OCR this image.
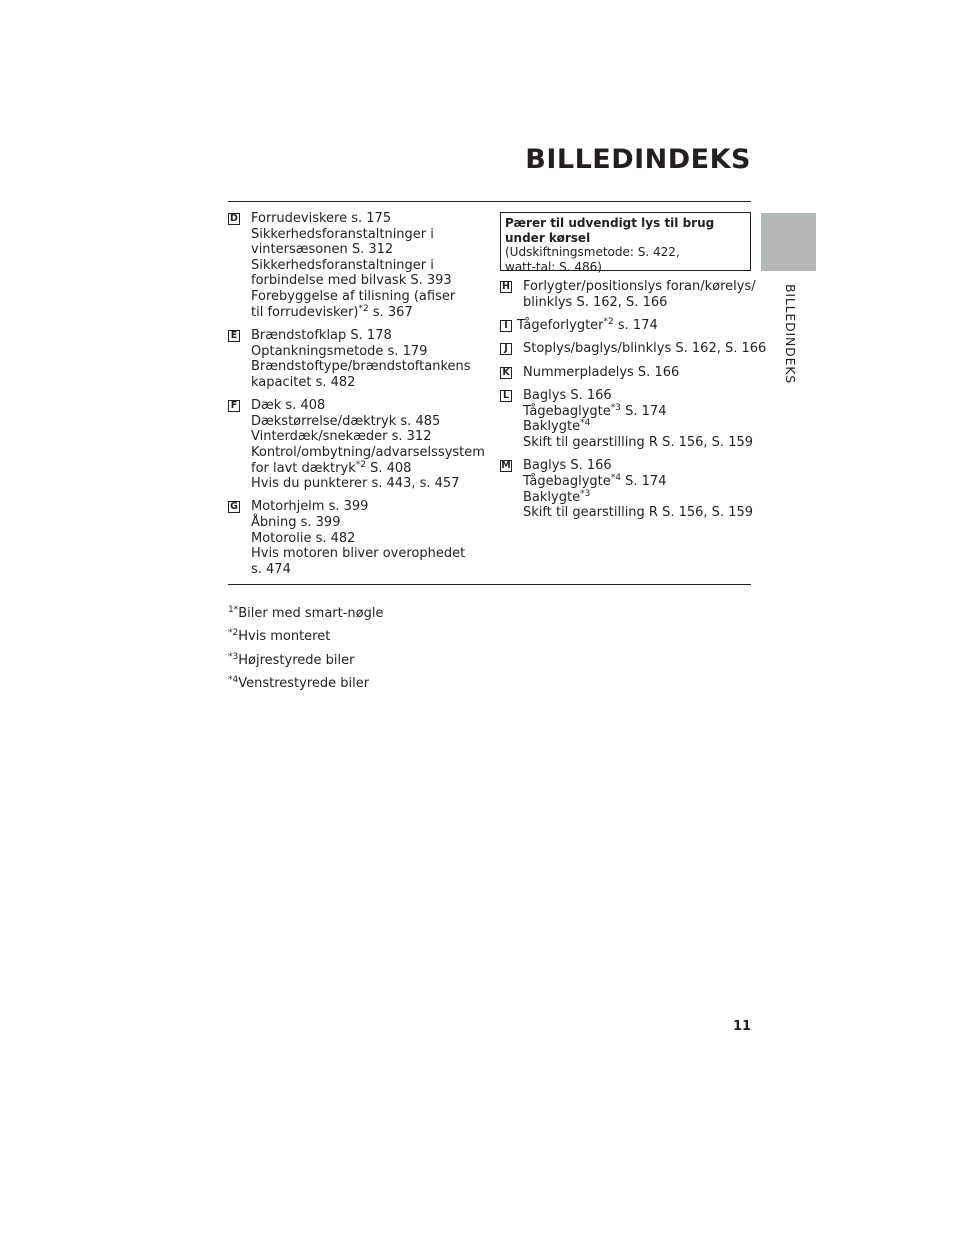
BILLEDINDEKS
BILLEDINDEKS
D Forrudeviskere s. 175
Sikkerhedsforanstaltninger i
vintersæsonen S. 312
Sikkerhedsforanstaltninger i
forbindelse med bilvask S. 393
Forebyggelse af tilisning (afiser
til forrudevisker)$^{*2}$ s. 367
E Brændstofklap S. 178
Optankningsmetode s. 179
Brændstoftype/brændstoftankens
kapacitet s. 482
F Dæk s. 408
Dækstørrelse/dæktryk s. 485
Vinterdæk/snekæder s. 312
Kontrol/ombytning/advarselssystem
for lavt dæktryk$^{*2}$ S. 408
Hvis du punkterer s. 443, s. 457
G Motorhjelm s. 399
Åbning s. 399
Motorolie s. 482
Hvis motoren bliver overophedet
s. 474
Pærer til udvendigt lys til brug under kørsel
(Udskiftningsmetode: S. 422,
watt-tal: S. 486)
H Forlygter/positionslys foran/kørelys/
blinklys S. 162, S. 166
I Tågeforlygter$^{*2}$ s. 174
J	Stoplys/baglys/blinklys S. 162, S. 166
K Nummerpladelys S. 166
L Baglys S. 166
Tågebaglygte$^{*3}$ S. 174
Baklygte$^{*4}$
Skift til gearstilling R S. 156, S. 159
M Baglys S. 166
Tågebaglygte$^{*4}$ S. 174
Baklygte$^{*3}$
Skift til gearstilling R S. 156, S. 159
$^{1*}$Biler med smart-nøgle
$^{*2}$Hvis monteret
$^{*3}$Højrestyrede biler
$^{*4}$Venstrestyrede biler
11
